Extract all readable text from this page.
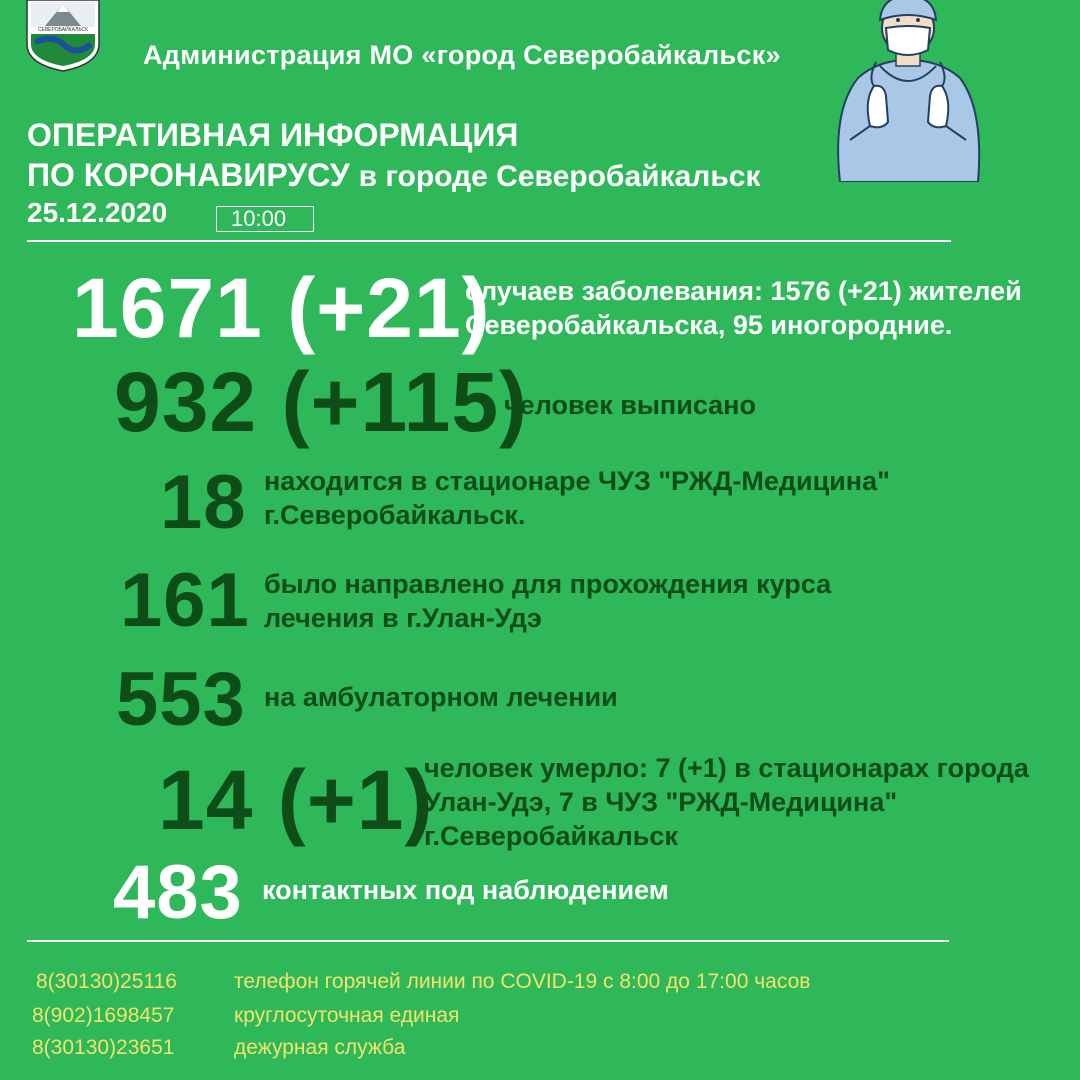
СЕВЕРОБАЙКАЛЬСК
Администрация МО «город Северобайкальск»
ОПЕРАТИВНАЯ ИНФОРМАЦИЯ
ПО КОРОНАВИРУСУ в городе Северобайкальск
25.12.2020	10:00
1671 (+21)
случаев заболевания: 1576 (+21) жителей
Северобайкальска, 95 иногородние.
932 (+115)
человек выписано
18 находится в стационаре ЧУЗ "РЖД-Медицина"
г.Северобайкальск.
161 было направлено для прохождения курса
лечения в г.Улан-Удэ
553 на амбулаторном лечении
14 (+1)
человек умерло: 7 (+1) в стационарах города
Улан-Удэ, 7 в ЧУЗ "РЖД-Медицина"
г.Северобайкальск
483 контактных под наблюдением
8(30130)25116	телефон горячей линии по COVID-19 с 8:00 до 17:00 часов
8(902)1698457	круглосуточная единая
8(30130)23651	дежурная служба
